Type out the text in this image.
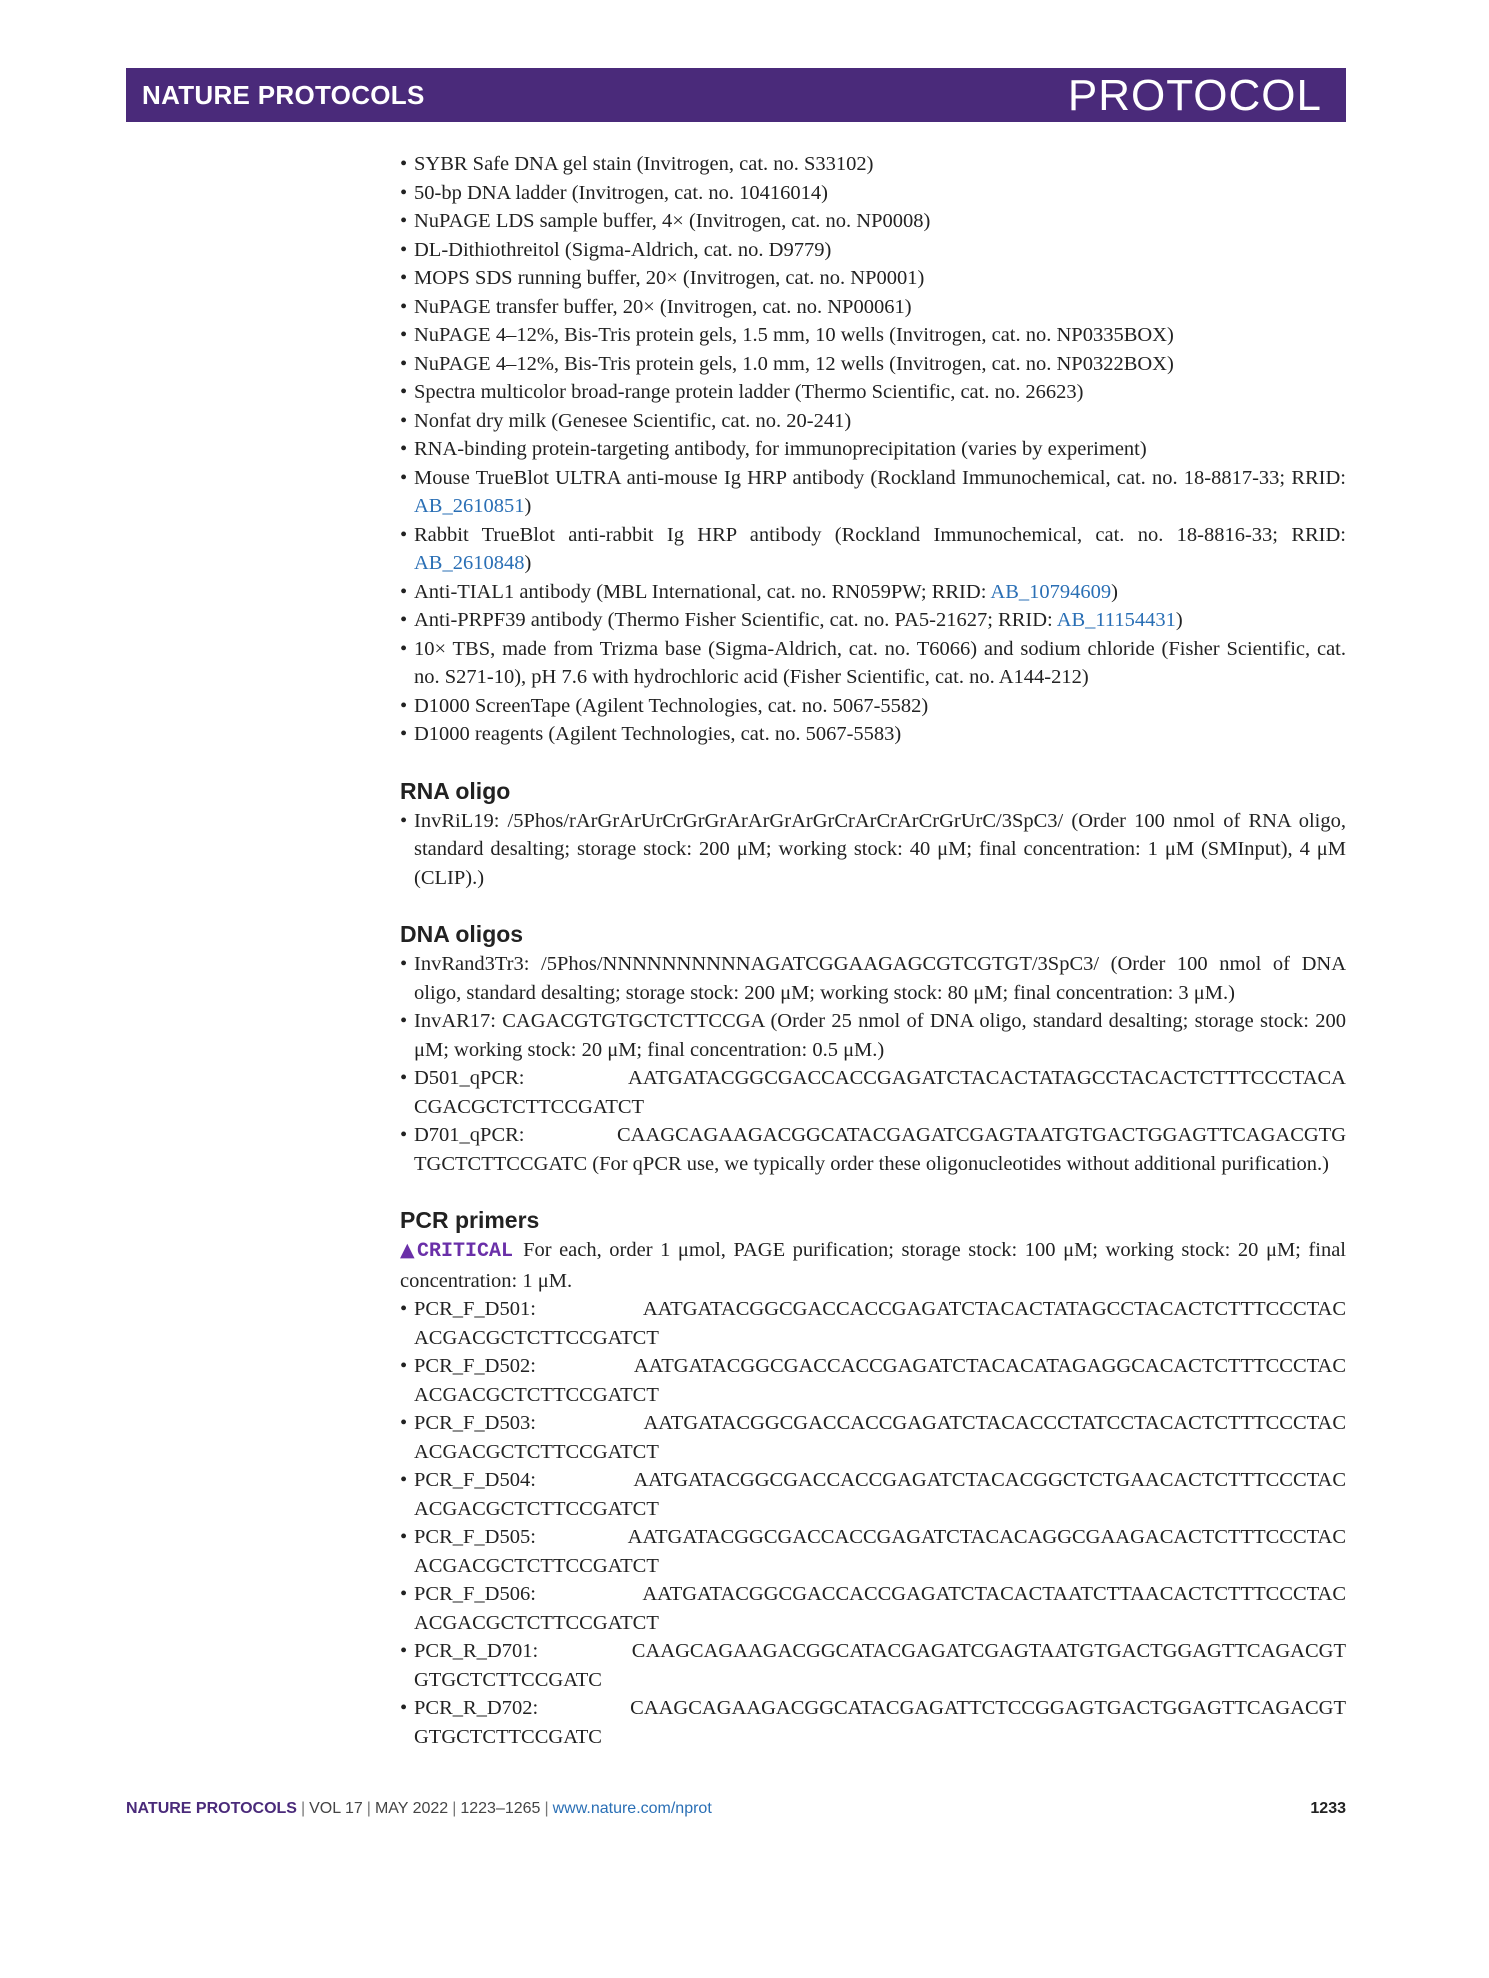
NATURE PROTOCOLS	PROTOCOL
• SYBR Safe DNA gel stain (Invitrogen, cat. no. S33102)
• 50-bp DNA ladder (Invitrogen, cat. no. 10416014)
• NuPAGE LDS sample buffer, 4× (Invitrogen, cat. no. NP0008)
• DL-Dithiothreitol (Sigma-Aldrich, cat. no. D9779)
• MOPS SDS running buffer, 20× (Invitrogen, cat. no. NP0001)
• NuPAGE transfer buffer, 20× (Invitrogen, cat. no. NP00061)
• NuPAGE 4–12%, Bis-Tris protein gels, 1.5 mm, 10 wells (Invitrogen, cat. no. NP0335BOX)
• NuPAGE 4–12%, Bis-Tris protein gels, 1.0 mm, 12 wells (Invitrogen, cat. no. NP0322BOX)
• Spectra multicolor broad-range protein ladder (Thermo Scientific, cat. no. 26623)
• Nonfat dry milk (Genesee Scientific, cat. no. 20-241)
• RNA-binding protein-targeting antibody, for immunoprecipitation (varies by experiment)
• Mouse TrueBlot ULTRA anti-mouse Ig HRP antibody (Rockland Immunochemical, cat. no. 18-8817-33; RRID: AB_2610851)
• Rabbit TrueBlot anti-rabbit Ig HRP antibody (Rockland Immunochemical, cat. no. 18-8816-33; RRID: AB_2610848)
• Anti-TIAL1 antibody (MBL International, cat. no. RN059PW; RRID: AB_10794609)
• Anti-PRPF39 antibody (Thermo Fisher Scientific, cat. no. PA5-21627; RRID: AB_11154431)
• 10× TBS, made from Trizma base (Sigma-Aldrich, cat. no. T6066) and sodium chloride (Fisher Scientific, cat. no. S271-10), pH 7.6 with hydrochloric acid (Fisher Scientific, cat. no. A144-212)
• D1000 ScreenTape (Agilent Technologies, cat. no. 5067-5582)
• D1000 reagents (Agilent Technologies, cat. no. 5067-5583)
RNA oligo
• InvRiL19: /5Phos/rArGrArUrCrGrGrArArGrArGrCrArCrArCrGrUrC/3SpC3/ (Order 100 nmol of RNA oligo, standard desalting; storage stock: 200 μM; working stock: 40 μM; final concentration: 1 μM (SMInput), 4 μM (CLIP).)
DNA oligos
• InvRand3Tr3: /5Phos/NNNNNNNNNNAGATCGGAAGAGCGTCGTGT/3SpC3/ (Order 100 nmol of DNA oligo, standard desalting; storage stock: 200 μM; working stock: 80 μM; final concentration: 3 μM.)
• InvAR17: CAGACGTGTGCTCTTCCGA (Order 25 nmol of DNA oligo, standard desalting; storage stock: 200 μM; working stock: 20 μM; final concentration: 0.5 μM.)
• D501_qPCR: AATGATACGGCGACCACCGAGATCTACACTATAGCCTACACTCTTTCCCTACA CGACGCTCTTCCGATCT
• D701_qPCR: CAAGCAGAAGACGGCATACGAGATCGAGTAATGTGACTGGAGTTCAGACGTG TGCTCTTCCGATC (For qPCR use, we typically order these oligonucleotides without additional purification.)
PCR primers
▲CRITICAL For each, order 1 μmol, PAGE purification; storage stock: 100 μM; working stock: 20 μM; final concentration: 1 μM.
• PCR_F_D501: AATGATACGGCGACCACCGAGATCTACACTATAGCCTACACTCTTTCCCTAC ACGACGCTCTTCCGATCT
• PCR_F_D502: AATGATACGGCGACCACCGAGATCTACACATAGAGGCACACTCTTTCCCTAC ACGACGCTCTTCCGATCT
• PCR_F_D503: AATGATACGGCGACCACCGAGATCTACACCCTATCCTACACTCTTTCCCTAC ACGACGCTCTTCCGATCT
• PCR_F_D504: AATGATACGGCGACCACCGAGATCTACACGGCTCTGAACACTCTTTCCCTAC ACGACGCTCTTCCGATCT
• PCR_F_D505: AATGATACGGCGACCACCGAGATCTACACAGGCGAAGACACTCTTTCCCTAC ACGACGCTCTTCCGATCT
• PCR_F_D506: AATGATACGGCGACCACCGAGATCTACACTAATCTTAACACTCTTTCCCTAC ACGACGCTCTTCCGATCT
• PCR_R_D701: CAAGCAGAAGACGGCATACGAGATCGAGTAATGTGACTGGAGTTCAGACGT GTGCTCTTCCGATC
• PCR_R_D702: CAAGCAGAAGACGGCATACGAGATTCTCCGGAGTGACTGGAGTTCAGACGT GTGCTCTTCCGATC
NATURE PROTOCOLS | VOL 17 | MAY 2022 | 1223–1265 | www.nature.com/nprot	1233
